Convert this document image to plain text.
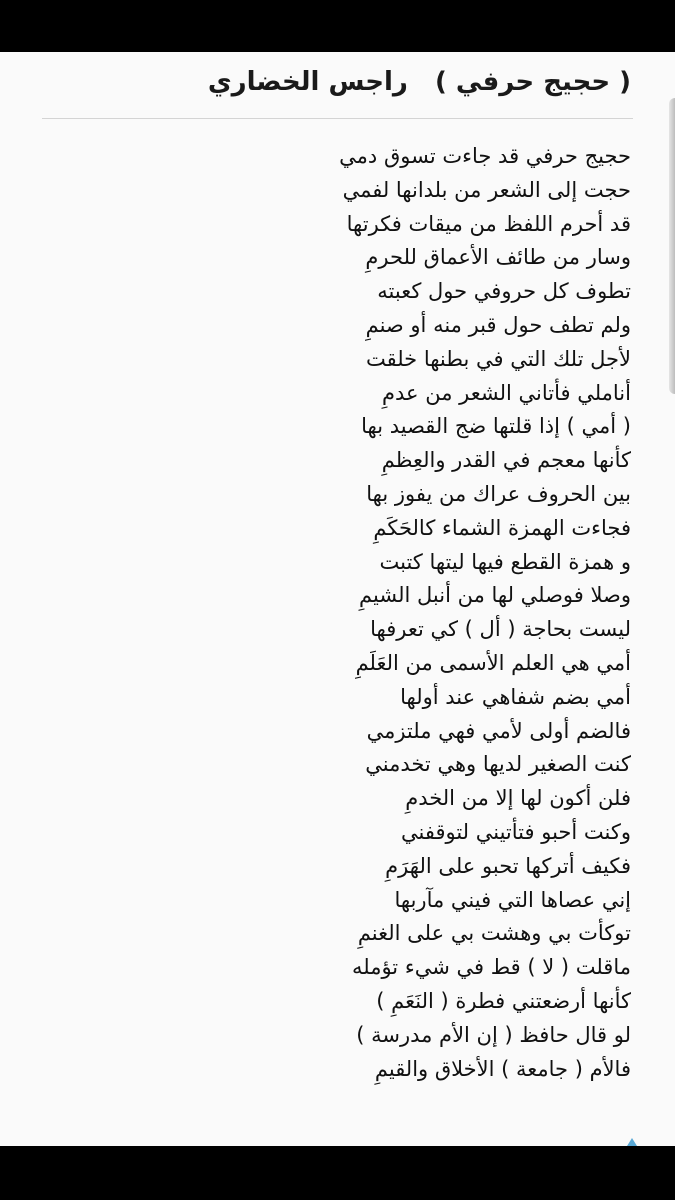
( حجيج حرفي )   راجس الخضاري
حجيج حرفي قد جاءت تسوق دمي
حجت إلى الشعر من بلدانها لفمي
قد أحرم اللفظ من ميقات فكرتها
وسار من طائف الأعماق للحرمِ
تطوف كل حروفي حول كعبته
ولم تطف حول قبر منه أو صنمِ
لأجل تلك التي في بطنها خلقت
أناملي فأتاني الشعر من عدمِ
( أمي ) إذا قلتها ضج القصيد بها
كأنها معجم في القدر والعِظمِ
بين الحروف عراك من يفوز بها
فجاءت الهمزة الشماء كالحَكَمِ
و همزة القطع فيها ليتها كتبت
وصلا فوصلي لها من أنبل الشيمِ
ليست بحاجة ( أل ) كي تعرفها
أمي هي العلم الأسمى من العَلَمِ
أمي بضم شفاهي عند أولها
فالضم أولى لأمي فهي ملتزمي
كنت الصغير لديها وهي تخدمني
فلن أكون لها إلا من الخدمِ
وكنت أحبو فتأتيني لتوقفني
فكيف أتركها تحبو على الهَرَمِ
إني عصاها التي فيني مآربها
توكأت بي وهشت بي على الغنمِ
ماقلت ( لا ) قط في شيء تؤمله
كأنها أرضعتني فطرة ( النَعَمِ )
لو قال حافظ ( إن الأم مدرسة )
فالأم ( جامعة ) الأخلاق والقيمِ
